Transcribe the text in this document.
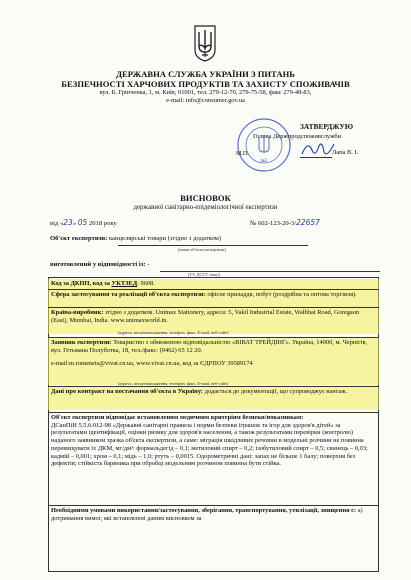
ДЕРЖАВНА СЛУЖБА УКРАЇНИ З ПИТАНЬ
БЕЗПЕЧНОСТІ ХАРЧОВИХ ПРОДУКТІВ ТА ЗАХИСТУ СПОЖИВАЧІВ
вул. Б. Грінченка, 1, м. Київ, 01001, тел. 279-12-70, 279-75-58, факс 279-48-83,
e-mail: info@consumer.gov.ua
№1
ЗАТВЕРДЖУЮ
Голова Держпродспоживслужби
М.П.	Лапа В. І.
ВИСНОВОК
державної санітарно-епідеміологічної експертизи
від «23» 05 2018 року	№ 602-123-20-3/22657
Об'єкт експертизи: канцелярські товари (згідно з додатком)
(назва об'єкта експертизи)
виготовлений у відповідності із: -
(ТУ, ДСТУ тощо)
Код за ДКПП, код за УКТЗЕД: 9608.
Сфера застосування та реалізації об'єкта експертизи: офісне приладдя, побут (роздрібна та оптова торгівля).
Країна-виробник: згідно з додатком. Unimax Stationery, адреса: 5, Vakil Industrial Estate, Walbhat Road, Goregaon (East), Mumbai, India. www.unimaxworld.in.
(адреса, місцезнаходження, телефон, факс, E-mail, веб-сайт)
Заявник експертизи: Товариство з обмеженою відповідальністю «ВІВАТ ТРЕЙДІНГ». Україна, 14000, м. Чернігів, вул. Гетьмана Полуботка, 18, тел./факс: (0462) 65 12 20.
e-mail:m.romenets@vivat.cn.ua, www.vivat.cn.ua, код за ЄДРПОУ 39589174
(адреса, місцезнаходження, телефон, факс, E-mail, веб-сайт)
Дані про контракт на постачання об'єкта в Україну: додається до документації, що супроводжує вантаж.
Об'єкт експертизи відповідає встановленим медичним критеріям безпеки/показникам:
ДСанПіН 5.5.6.012-98 «Державні санітарні правила і норми безпеки іграшок та ігор для здоров'я дітей» за результатами ідентифікації, оцінки ризику для здоров'я населення, а також результатами перевірки (контролю) наданого заявником зразка об'єкта експертизи, а саме: міграція шкідливих речовин в модельні розчини не повинна перевищувати їх ДКМ, мг/дм³: формальдегід – 0,1; метиловий спирт – 0,2; ізобутиловий спирт – 0,5; свинець – 0,03; кадмій – 0,001; хром – 0,1; мідь – 1,0; ртуть – 0,0015. Одорометричні дані: запах не більше 1 балу; поверхня без дефектів; стійкість барвника при обробці модельним розчином повинна бути стійка.
Необхідними умовами використання/застосування, зберігання, транспортування, утилізації, знищення є: а) дотримання вимог, які встановлені даним висновком за
